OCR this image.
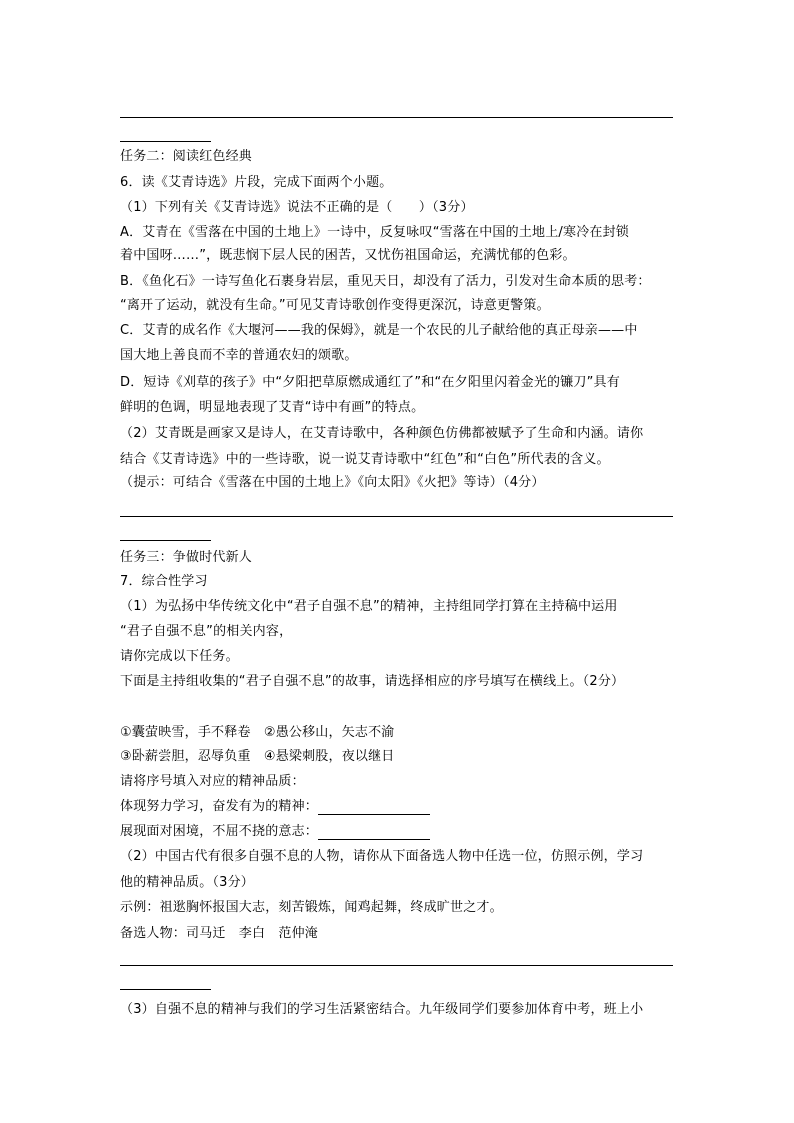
任务二：阅读红色经典
6．读《艾青诗选》片段，完成下面两个小题。
（1）下列有关《艾青诗选》说法不正确的是（　　）（3分）
A．艾青在《雪落在中国的土地上》一诗中，反复咏叹“雪落在中国的土地上/寒冷在封锁
着中国呀……”，既悲悯下层人民的困苦，又忧伤祖国命运，充满忧郁的色彩。
B．《鱼化石》一诗写鱼化石裹身岩层，重见天日，却没有了活力，引发对生命本质的思考：
“离开了运动，就没有生命。”可见艾青诗歌创作变得更深沉，诗意更警策。
C．艾青的成名作《大堰河——我的保姆》，就是一个农民的儿子献给他的真正母亲——中
国大地上善良而不幸的普通农妇的颂歌。
D．短诗《刈草的孩子》中“夕阳把草原燃成通红了”和“在夕阳里闪着金光的镰刀”具有
鲜明的色调，明显地表现了艾青“诗中有画”的特点。
（2）艾青既是画家又是诗人，在艾青诗歌中，各种颜色仿佛都被赋予了生命和内涵。请你
结合《艾青诗选》中的一些诗歌，说一说艾青诗歌中“红色”和“白色”所代表的含义。
（提示：可结合《雪落在中国的土地上》《向太阳》《火把》等诗）（4分）
任务三：争做时代新人
7．综合性学习
（1）为弘扬中华传统文化中“君子自强不息”的精神，主持组同学打算在主持稿中运用
“君子自强不息”的相关内容，
请你完成以下任务。
下面是主持组收集的“君子自强不息”的故事，请选择相应的序号填写在横线上。（2分）
①囊萤映雪，手不释卷　②愚公移山，矢志不渝
③卧薪尝胆，忍辱负重　④悬梁刺股，夜以继日
请将序号填入对应的精神品质：
体现努力学习，奋发有为的精神：
展现面对困境，不屈不挠的意志：
（2）中国古代有很多自强不息的人物，请你从下面备选人物中任选一位，仿照示例，学习
他的精神品质。（3分）
示例：祖逖胸怀报国大志，刻苦锻炼，闻鸡起舞，终成旷世之才。
备选人物：司马迁　李白　范仲淹
（3）自强不息的精神与我们的学习生活紧密结合。九年级同学们要参加体育中考，班上小
